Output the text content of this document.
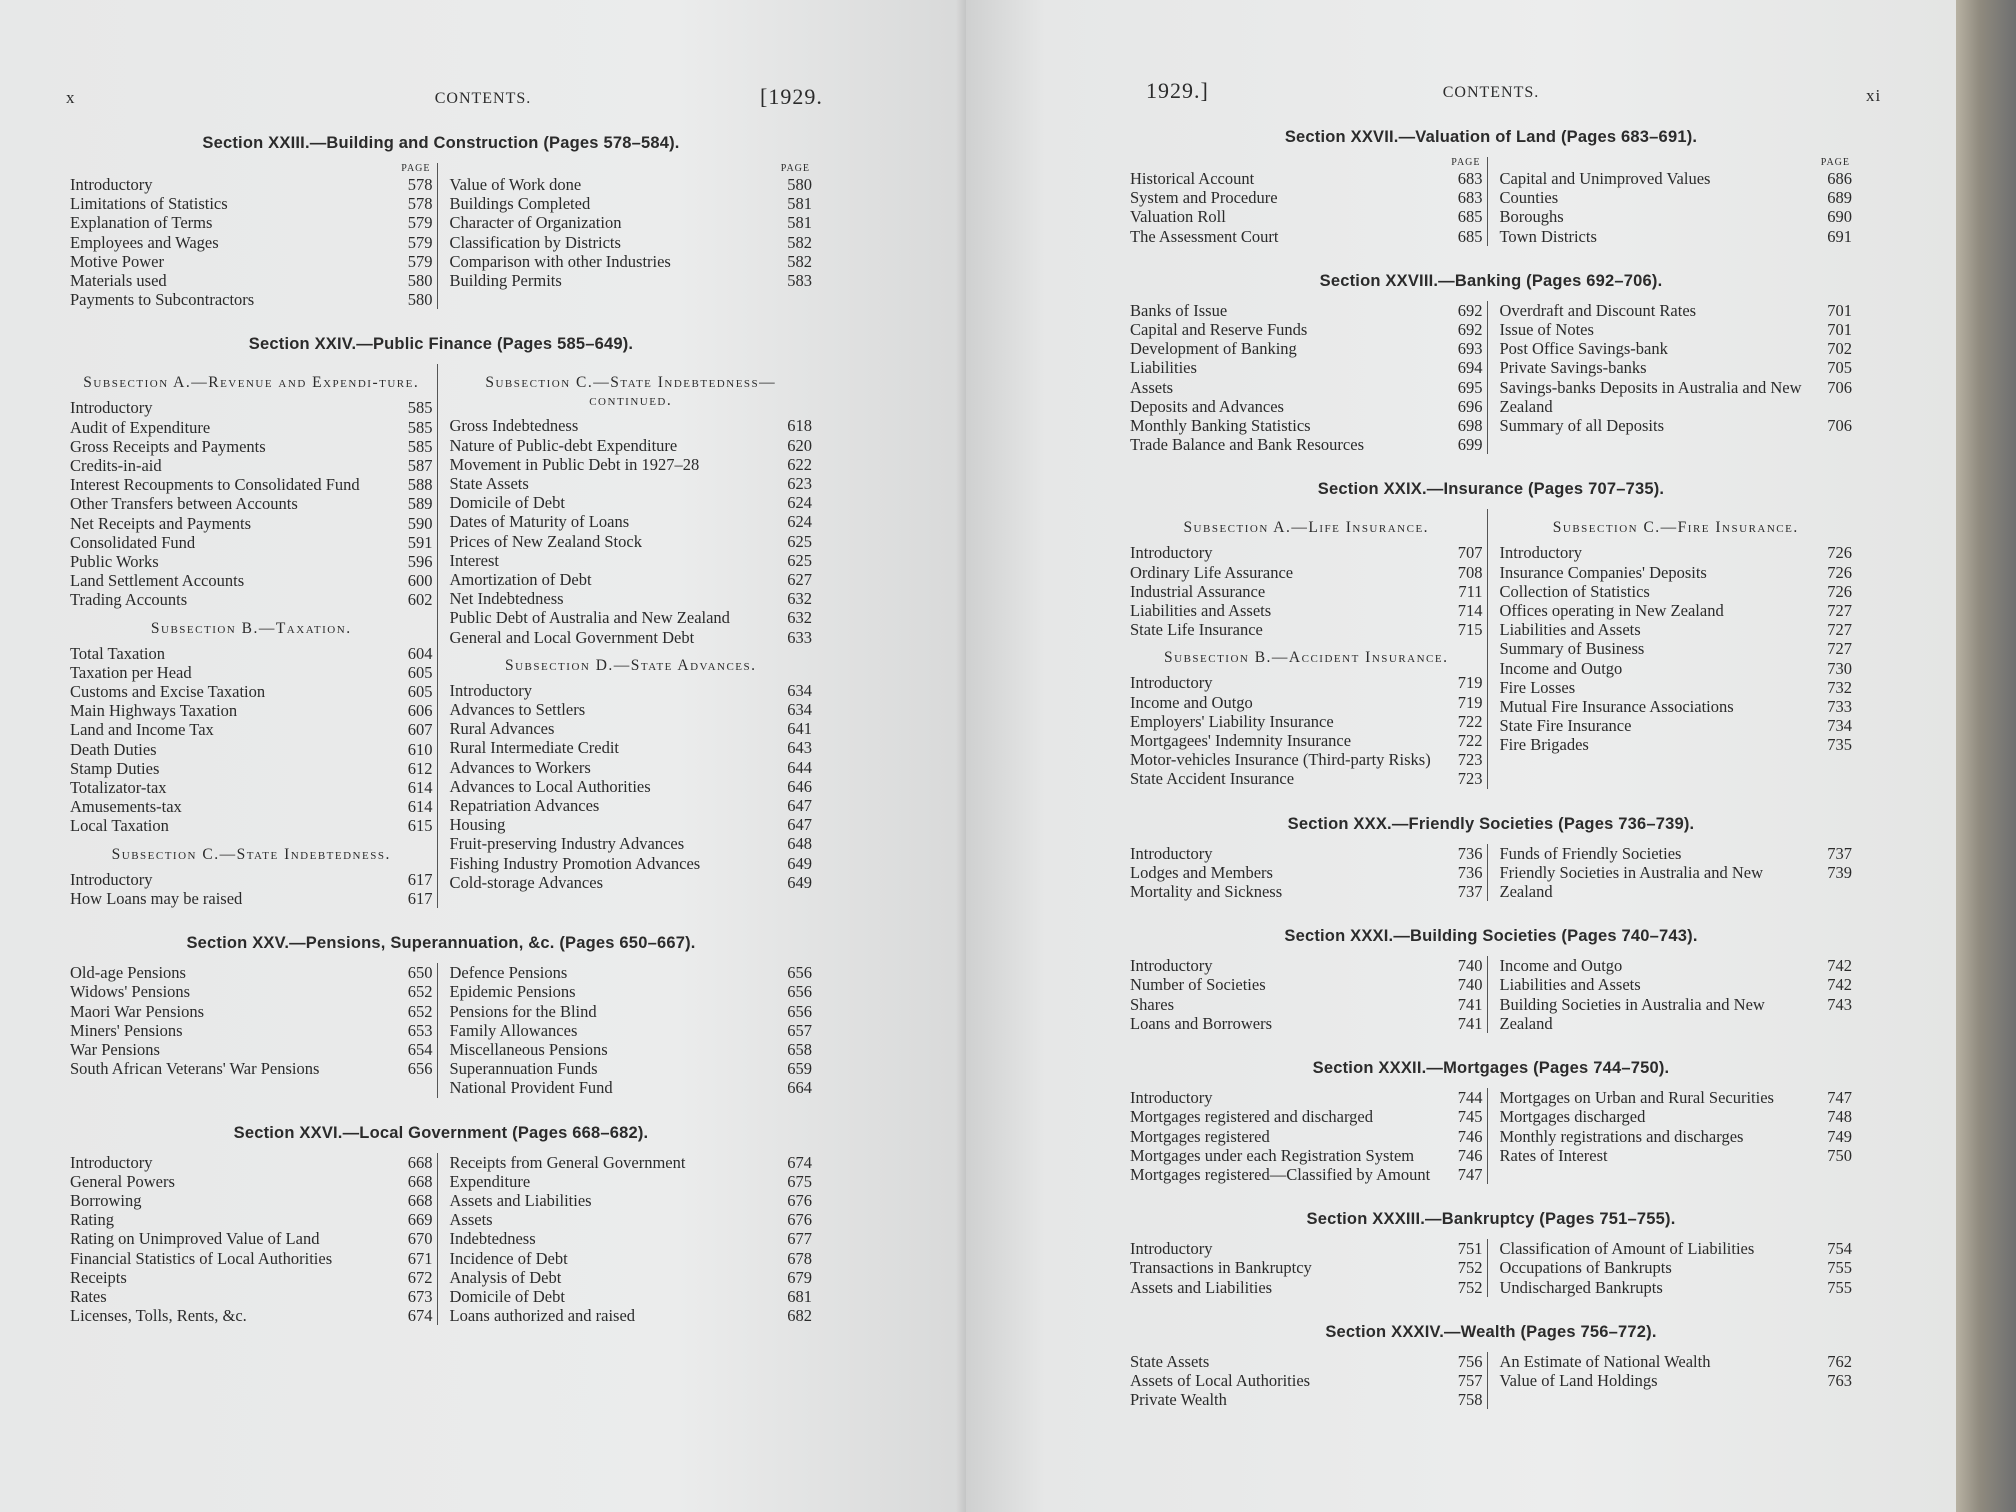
x	CONTENTS.	[1929.
Section XXIII.—Building and Construction (Pages 578–584).
PAGE
Introductory	578
Limitations of Statistics	578
Explanation of Terms	579
Employees and Wages	579
Motive Power	579
Materials used	580
Payments to Subcontractors	580
PAGE
Value of Work done	580
Buildings Completed	581
Character of Organization	581
Classification by Districts	582
Comparison with other Industries	582
Building Permits	583
Section XXIV.—Public Finance (Pages 585–649).
Subsection A.—Revenue and Expendi-ture.
Introductory	585
Audit of Expenditure	585
Gross Receipts and Payments	585
Credits-in-aid	587
Interest Recoupments to Consolidated Fund	588
Other Transfers between Accounts	589
Net Receipts and Payments	590
Consolidated Fund	591
Public Works	596
Land Settlement Accounts	600
Trading Accounts	602
Subsection B.—Taxation.
Total Taxation	604
Taxation per Head	605
Customs and Excise Taxation	605
Main Highways Taxation	606
Land and Income Tax	607
Death Duties	610
Stamp Duties	612
Totalizator-tax	614
Amusements-tax	614
Local Taxation	615
Subsection C.—State Indebtedness.
Introductory	617
How Loans may be raised	617
Subsection C.—State Indebtedness—continued.
Gross Indebtedness	618
Nature of Public-debt Expenditure	620
Movement in Public Debt in 1927–28	622
State Assets	623
Domicile of Debt	624
Dates of Maturity of Loans	624
Prices of New Zealand Stock	625
Interest	625
Amortization of Debt	627
Net Indebtedness	632
Public Debt of Australia and New Zealand	632
General and Local Government Debt	633
Subsection D.—State Advances.
Introductory	634
Advances to Settlers	634
Rural Advances	641
Rural Intermediate Credit	643
Advances to Workers	644
Advances to Local Authorities	646
Repatriation Advances	647
Housing	647
Fruit-preserving Industry Advances	648
Fishing Industry Promotion Advances	649
Cold-storage Advances	649
Section XXV.—Pensions, Superannuation, &c. (Pages 650–667).
Old-age Pensions	650
Widows' Pensions	652
Maori War Pensions	652
Miners' Pensions	653
War Pensions	654
South African Veterans' War Pensions	656
Defence Pensions	656
Epidemic Pensions	656
Pensions for the Blind	656
Family Allowances	657
Miscellaneous Pensions	658
Superannuation Funds	659
National Provident Fund	664
Section XXVI.—Local Government (Pages 668–682).
Introductory	668
General Powers	668
Borrowing	668
Rating	669
Rating on Unimproved Value of Land	670
Financial Statistics of Local Authorities	671
Receipts	672
Rates	673
Licenses, Tolls, Rents, &c.	674
Receipts from General Government	674
Expenditure	675
Assets and Liabilities	676
Assets	676
Indebtedness	677
Incidence of Debt	678
Analysis of Debt	679
Domicile of Debt	681
Loans authorized and raised	682
1929.]	CONTENTS.	xi
Section XXVII.—Valuation of Land (Pages 683–691).
PAGE
Historical Account	683
System and Procedure	683
Valuation Roll	685
The Assessment Court	685
PAGE
Capital and Unimproved Values	686
Counties	689
Boroughs	690
Town Districts	691
Section XXVIII.—Banking (Pages 692–706).
Banks of Issue	692
Capital and Reserve Funds	692
Development of Banking	693
Liabilities	694
Assets	695
Deposits and Advances	696
Monthly Banking Statistics	698
Trade Balance and Bank Resources	699
Overdraft and Discount Rates	701
Issue of Notes	701
Post Office Savings-bank	702
Private Savings-banks	705
Savings-banks Deposits in Australia and New Zealand
706
Summary of all Deposits	706
Section XXIX.—Insurance (Pages 707–735).
Subsection A.—Life Insurance.
Introductory	707
Ordinary Life Assurance	708
Industrial Assurance	711
Liabilities and Assets	714
State Life Insurance	715
Subsection B.—Accident Insurance.
Introductory	719
Income and Outgo	719
Employers' Liability Insurance	722
Mortgagees' Indemnity Insurance	722
Motor-vehicles Insurance (Third-party Risks)	723
State Accident Insurance	723
Subsection C.—Fire Insurance.
Introductory	726
Insurance Companies' Deposits	726
Collection of Statistics	726
Offices operating in New Zealand	727
Liabilities and Assets	727
Summary of Business	727
Income and Outgo	730
Fire Losses	732
Mutual Fire Insurance Associations	733
State Fire Insurance	734
Fire Brigades	735
Section XXX.—Friendly Societies (Pages 736–739).
Introductory	736
Lodges and Members	736
Mortality and Sickness	737
Funds of Friendly Societies	737
Friendly Societies in Australia and New Zealand
739
Section XXXI.—Building Societies (Pages 740–743).
Introductory	740
Number of Societies	740
Shares	741
Loans and Borrowers	741
Income and Outgo	742
Liabilities and Assets	742
Building Societies in Australia and New Zealand
743
Section XXXII.—Mortgages (Pages 744–750).
Introductory	744
Mortgages registered and discharged	745
Mortgages registered	746
Mortgages under each Registration System	746
Mortgages registered—Classified by Amount	747
Mortgages on Urban and Rural Securities	747
Mortgages discharged	748
Monthly registrations and discharges	749
Rates of Interest	750
Section XXXIII.—Bankruptcy (Pages 751–755).
Introductory	751
Transactions in Bankruptcy	752
Assets and Liabilities	752
Classification of Amount of Liabilities	754
Occupations of Bankrupts	755
Undischarged Bankrupts	755
Section XXXIV.—Wealth (Pages 756–772).
State Assets	756
Assets of Local Authorities	757
Private Wealth	758
An Estimate of National Wealth	762
Value of Land Holdings	763
